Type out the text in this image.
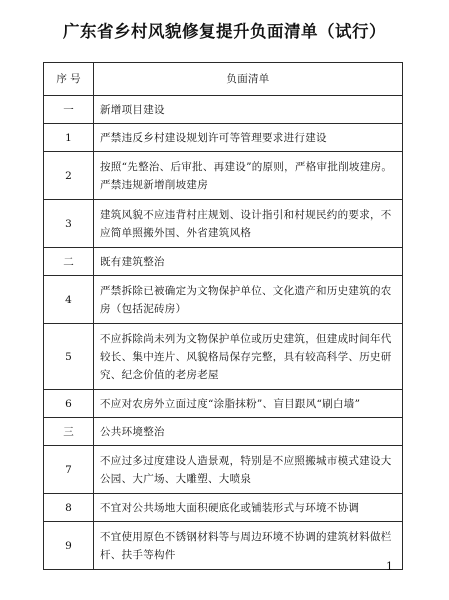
广东省乡村风貌修复提升负面清单（试行）
序 号	负面清单
一	新增项目建设
1	严禁违反乡村建设规划许可等管理要求进行建设
2	按照“先整治、后审批、再建设”的原则，严格审批削坡建房。严禁违规新增削坡建房
3	建筑风貌不应违背村庄规划、设计指引和村规民约的要求，不应简单照搬外国、外省建筑风格
二	既有建筑整治
4	严禁拆除已被确定为文物保护单位、文化遗产和历史建筑的农房（包括泥砖房）
5	不应拆除尚未列为文物保护单位或历史建筑，但建成时间年代较长、集中连片、风貌格局保存完整，具有较高科学、历史研究、纪念价值的老房老屋
6	不应对农房外立面过度“涂脂抹粉”、盲目跟风“刷白墙”
三	公共环境整治
7	不应过多过度建设人造景观，特别是不应照搬城市模式建设大公园、大广场、大雕塑、大喷泉
8	不宜对公共场地大面积硬底化或铺装形式与环境不协调
9	不宜使用原色不锈钢材料等与周边环境不协调的建筑材料做栏杆、扶手等构件
1
